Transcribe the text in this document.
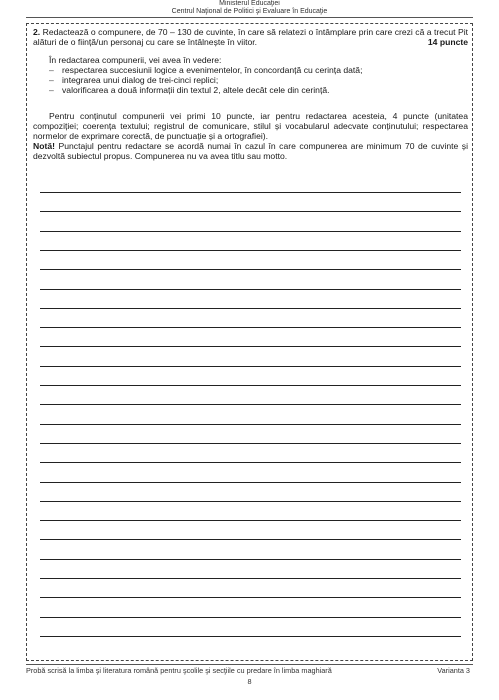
Ministerul Educaţiei
Centrul Naţional de Politici şi Evaluare în Educaţie
2. Redactează o compunere, de 70 – 130 de cuvinte, în care să relatezi o întâmplare prin care crezi că a trecut Pit alături de o ființă/un personaj cu care se întâlnește în viitor.	14 puncte
În redactarea compunerii, vei avea în vedere:
– respectarea succesiunii logice a evenimentelor, în concordanță cu cerința dată;
– integrarea unui dialog de trei-cinci replici;
– valorificarea a două informații din textul 2, altele decât cele din cerință.
Pentru conținutul compunerii vei primi 10 puncte, iar pentru redactarea acesteia, 4 puncte (unitatea compoziției; coerența textului; registrul de comunicare, stilul și vocabularul adecvate conținutului; respectarea normelor de exprimare corectă, de punctuație și a ortografiei).
Notă! Punctajul pentru redactare se acordă numai în cazul în care compunerea are minimum 70 de cuvinte și dezvoltă subiectul propus. Compunerea nu va avea titlu sau motto.
Probă scrisă la limba şi literatura română pentru şcolile şi secţiile cu predare în limba maghiară	Varianta 3
8
